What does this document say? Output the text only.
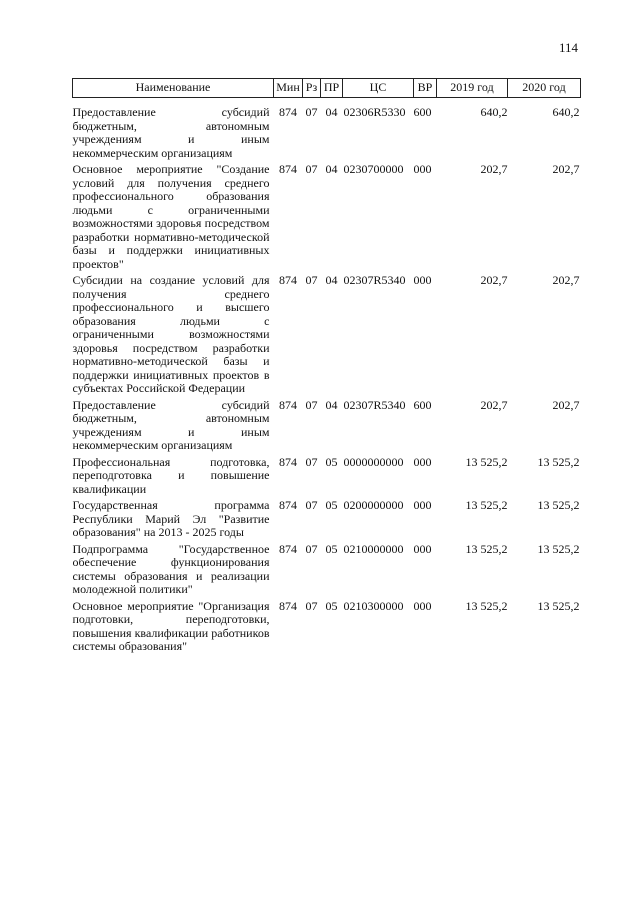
114
Наименование	Мин	Рз	ПР	ЦС	ВР	2019 год	2020 год
Предоставление субсидий бюджетным, автономным учреждениям и иным некоммерческим организациям	874	07	04	02306R5330	600	640,2	640,2
Основное мероприятие "Создание условий для получения среднего профессионального образования людьми с ограниченными возможностями здоровья посредством разработки нормативно-методической базы и поддержки инициативных проектов"	874	07	04	0230700000	000	202,7	202,7
Субсидии на создание условий для получения среднего профессионального и высшего образования людьми с ограниченными возможностями здоровья посредством разработки нормативно-методической базы и поддержки инициативных проектов в субъектах Российской Федерации	874	07	04	02307R5340	000	202,7	202,7
Предоставление субсидий бюджетным, автономным учреждениям и иным некоммерческим организациям	874	07	04	02307R5340	600	202,7	202,7
Профессиональная подготовка, переподготовка и повышение квалификации	874	07	05	0000000000	000	13 525,2	13 525,2
Государственная программа Республики Марий Эл "Развитие образования" на 2013 - 2025 годы	874	07	05	0200000000	000	13 525,2	13 525,2
Подпрограмма "Государственное обеспечение функционирования системы образования и реализации молодежной политики"	874	07	05	0210000000	000	13 525,2	13 525,2
Основное мероприятие "Организация подготовки, переподготовки, повышения квалификации работников системы образования"	874	07	05	0210300000	000	13 525,2	13 525,2
